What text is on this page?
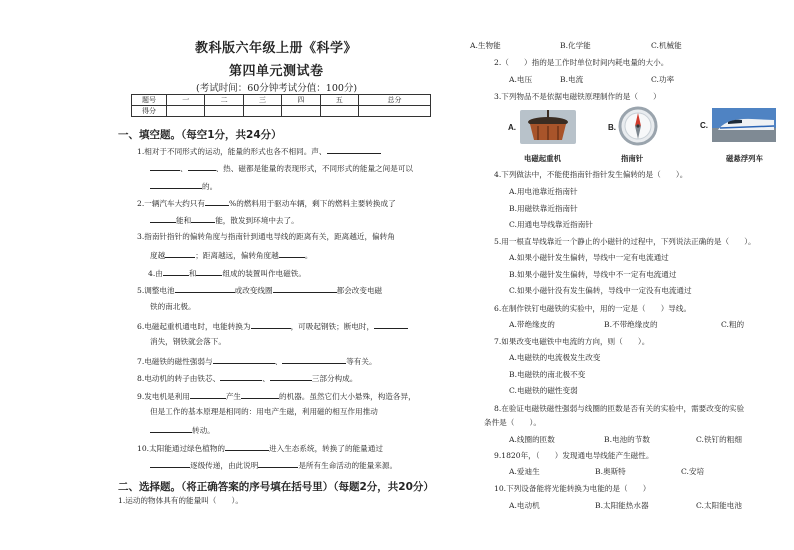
教科版六年级上册《科学》
第四单元测试卷
(考试时间：60分钟考试分值：100分)
题号	一	二	三	四	五	总分
得分						
一、填空题。（每空1分，共24分）
1.相对于不同形式的运动，能量的形式也各不相同。声、
、	、热、磁都是能量的表现形式，不同形式的能量之间是可以
的。
2.一辆汽车大约只有	%的燃料用于驱动车辆，剩下的燃料主要转换成了
能和	能，散发到环境中去了。
3.指南针指针的偏转角度与指南针到通电导线的距离有关，距离越近，偏转角
度越	；距离越远，偏转角度越	。
4.由	和	组成的装置叫作电磁铁。
5.调整电池	或改变线圈	都会改变电磁
铁的南北极。
6.电磁起重机通电时，电能转换为	，可吸起钢铁；断电时，
消失，钢铁就会落下。
7.电磁铁的磁性强弱与	、	等有关。
8.电动机的转子由铁芯、	、	三部分构成。
9.发电机是利用	产生	的机器。虽然它们大小悬殊，构造各异，
但是工作的基本原理是相同的：用电产生磁，利用磁的相互作用推动
转动。
10.太阳能通过绿色植物的	进入生态系统，转换了的能量通过
逐级传递，由此说明	是所有生命活动的能量来源。
二、选择题。（将正确答案的序号填在括号里）（每题2分，共20分）
1.运动的物体具有的能量叫（　　）。
A.生物能	B.化学能	C.机械能
2.（　　）指的是工作时单位时间内耗电量的大小。
A.电压	B.电流	C.功率
3.下列物品不是依据电磁铁原理制作的是（　　）
A.
电磁起重机
B.
指南针
C.
磁悬浮列车
4.下列做法中，不能使指南针指针发生偏转的是（　　）。
A.用电池靠近指南针
B.用磁铁靠近指南针
C.用通电导线靠近指南针
5.用一根直导线靠近一个静止的小磁针的过程中，下列说法正确的是（　　）。
A.如果小磁针发生偏转，导线中一定有电流通过
B.如果小磁针发生偏转，导线中不一定有电流通过
C.如果小磁针没有发生偏转，导线中一定没有电流通过
6.在制作铁钉电磁铁的实验中，用的一定是（　　）导线。
A.带绝缘皮的	B.不带绝缘皮的	C.粗的
7.如果改变电磁铁中电流的方向，则（　　）。
A.电磁铁的电流极发生改变
B.电磁铁的南北极不变
C.电磁铁的磁性变弱
8.在验证电磁铁磁性强弱与线圈的匝数是否有关的实验中，需要改变的实验
条件是（　　）。
A.线圈的匝数	B.电池的节数	C.铁钉的粗细
9.1820年，（　　）发现通电导线能产生磁性。
A.爱迪生	B.奥斯特	C.安培
10.下列设备能将光能转换为电能的是（　　）
A.电动机	B.太阳能热水器	C.太阳能电池
